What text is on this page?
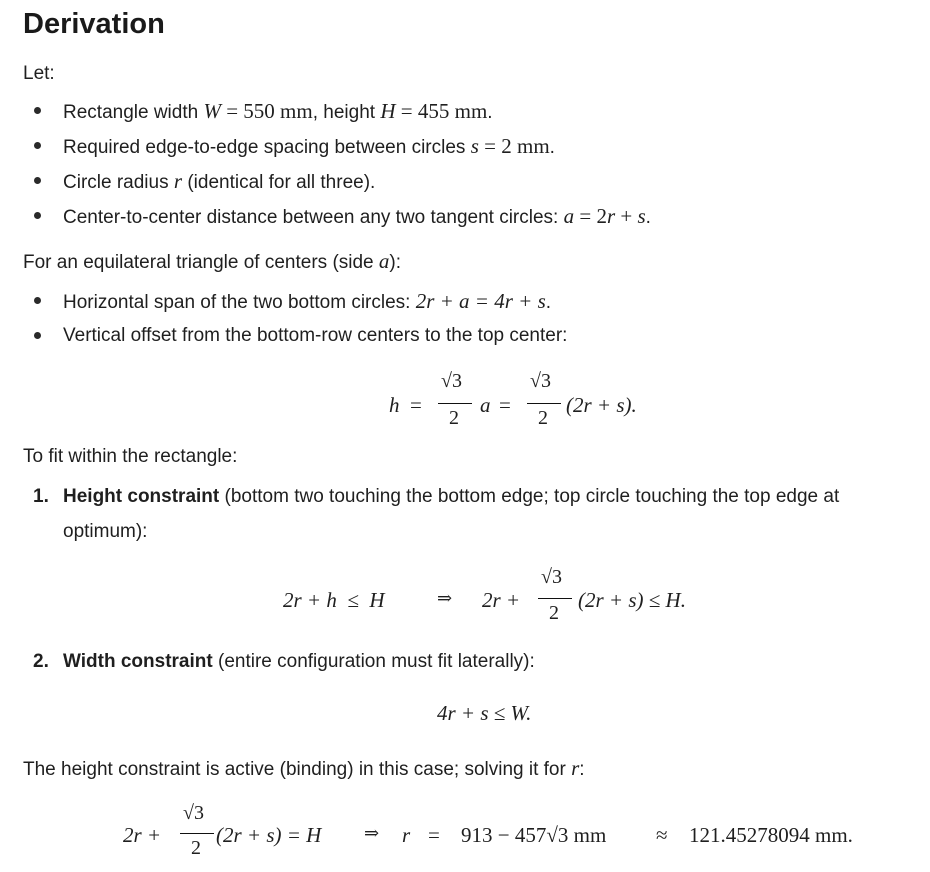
Derivation
Let:
Rectangle width W = 550 mm, height H = 455 mm.
Required edge-to-edge spacing between circles s = 2 mm.
Circle radius r (identical for all three).
Center-to-center distance between any two tangent circles: a = 2r + s.
For an equilateral triangle of centers (side a):
Horizontal span of the two bottom circles: 2r + a = 4r + s.
Vertical offset from the bottom-row centers to the top center:
h =
√3
2
a =
√3
2
(2r + s).
To fit within the rectangle:
1. Height constraint (bottom two touching the bottom edge; top circle touching the top edge at
optimum):
2r + h  ≤  H	⇒ 2r +
√3
2
(2r + s) ≤ H.
2. Width constraint (entire configuration must fit laterally):
4r + s ≤ W.
The height constraint is active (binding) in this case; solving it for r:
2r +
√3
2
(2r + s) = H ⇒ r = 913 − 457√3 mm ≈ 121.45278094 mm.
